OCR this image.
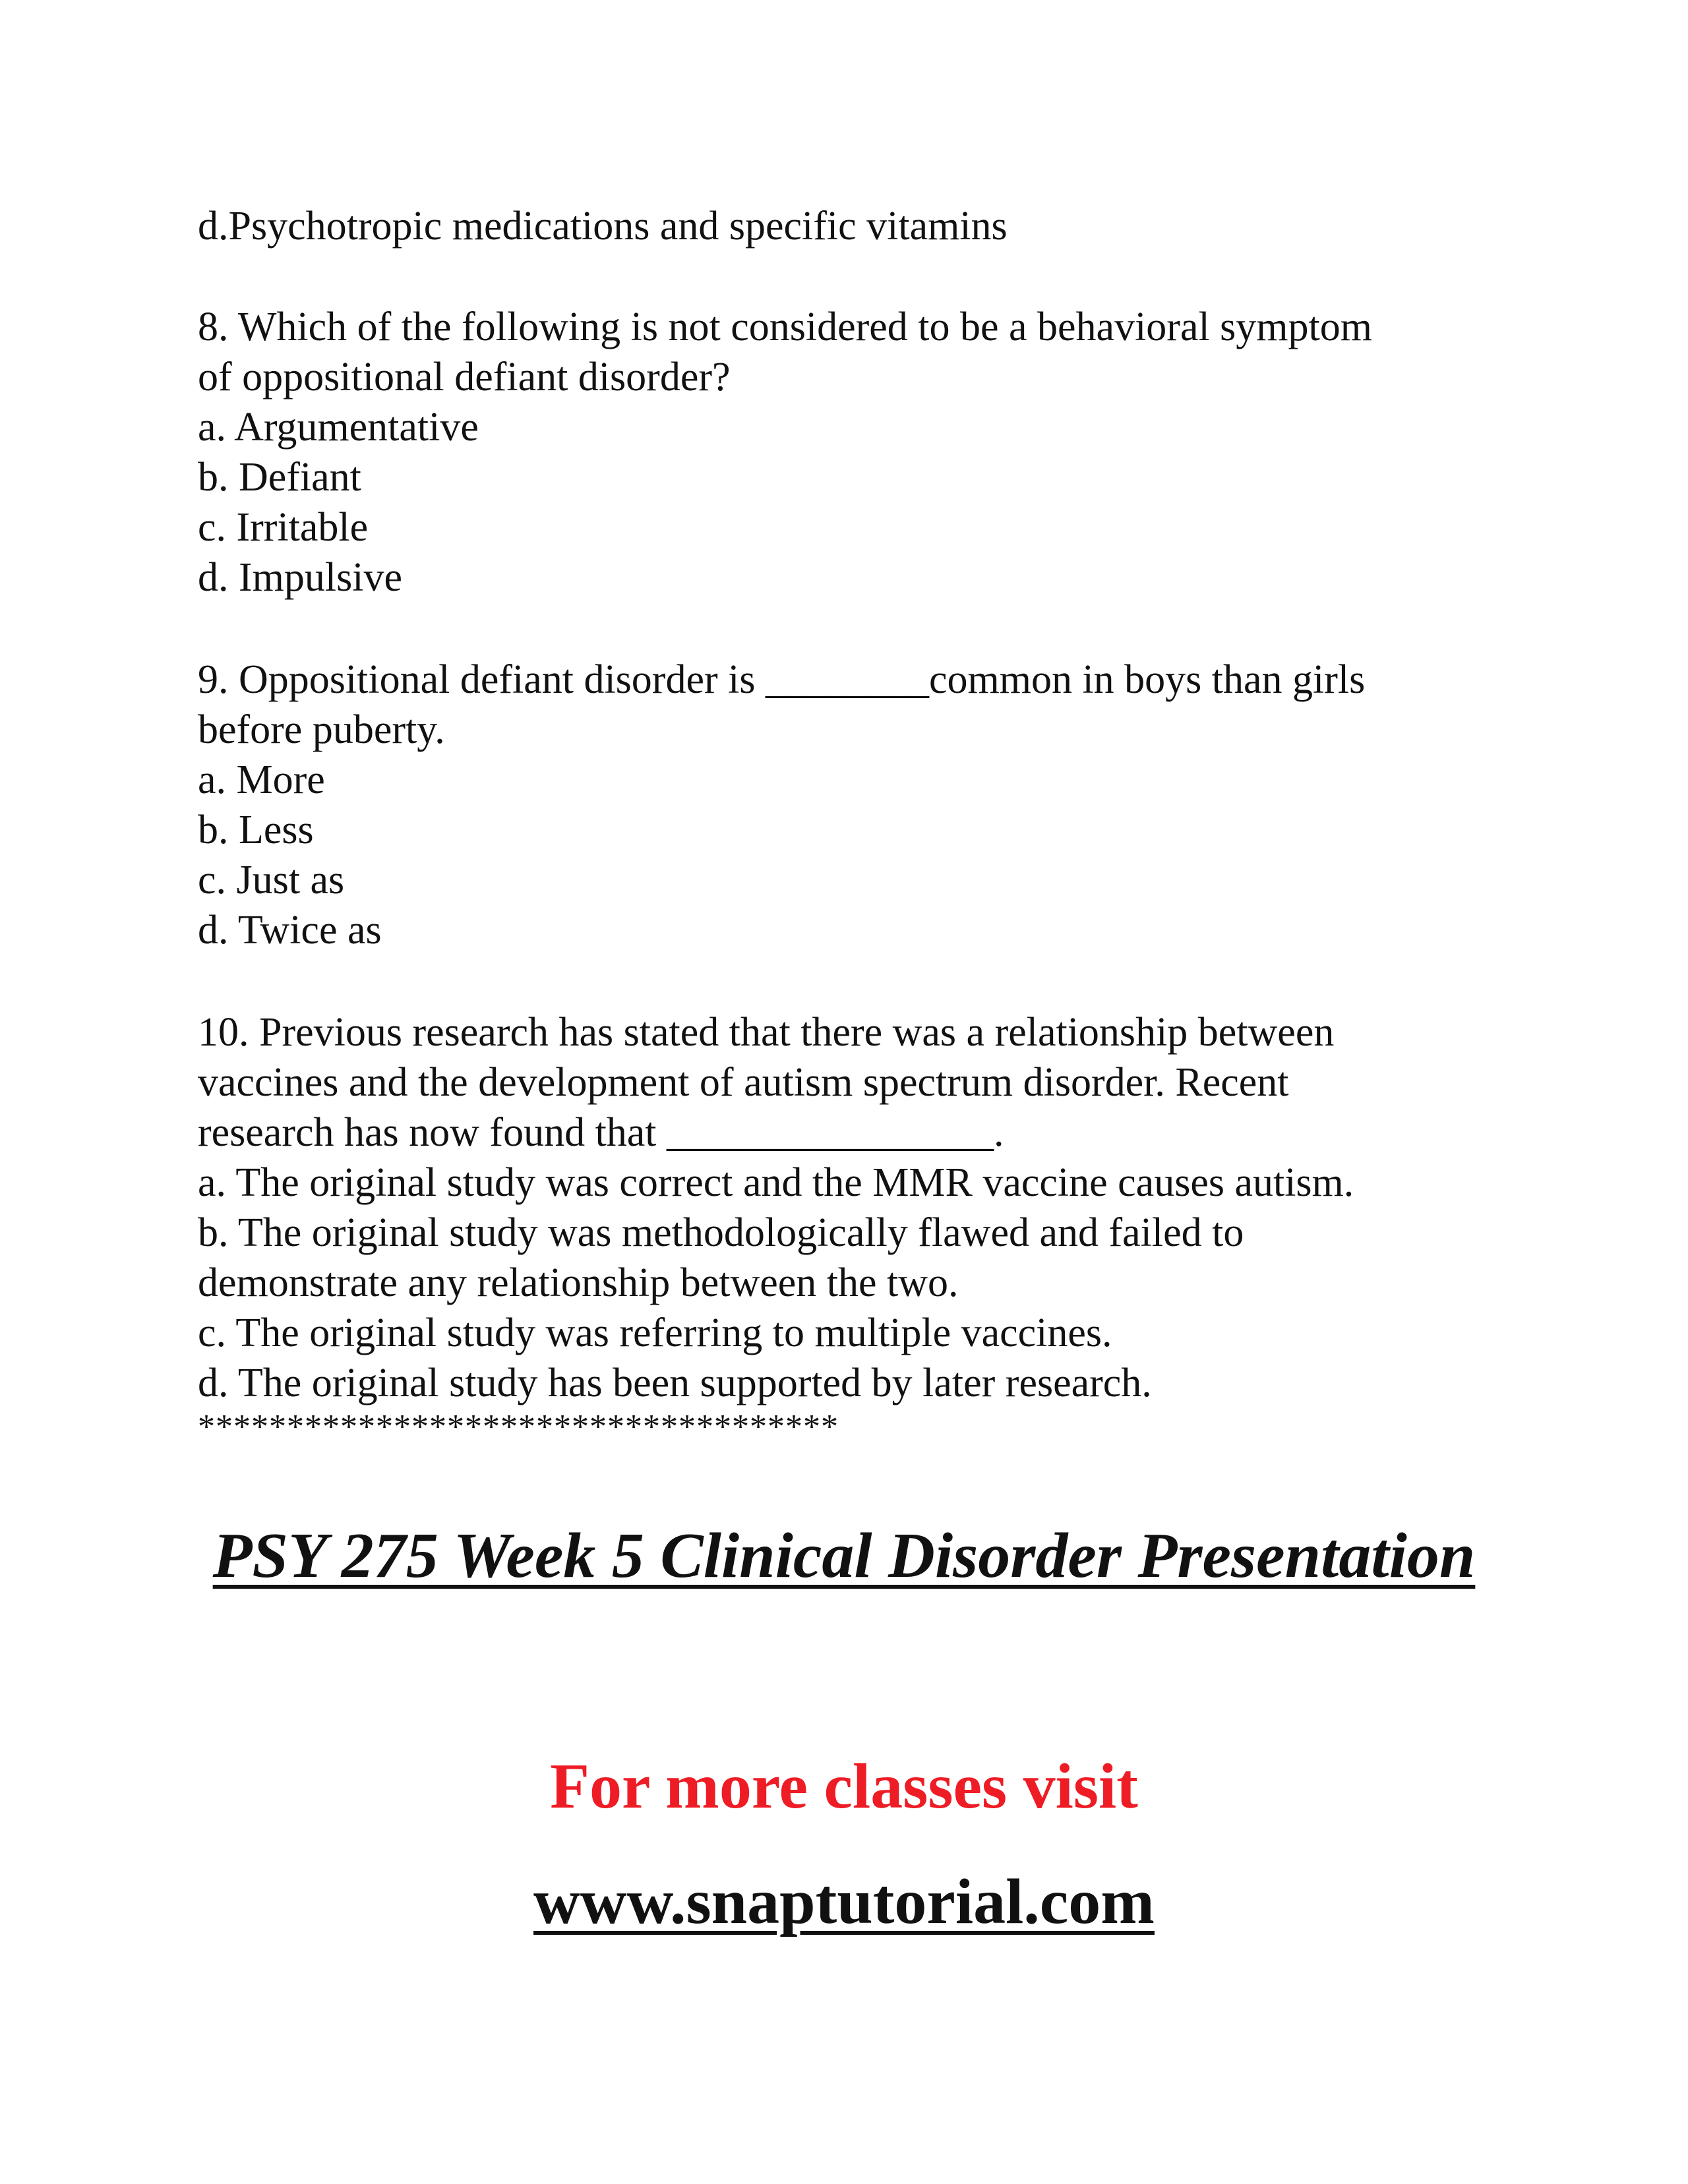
d.Psychotropic medications and specific vitamins
8. Which of the following is not considered to be a behavioral symptom
of oppositional defiant disorder?
a. Argumentative
b. Defiant
c. Irritable
d. Impulsive
9. Oppositional defiant disorder is ________common in boys than girls
before puberty.
a. More
b. Less
c. Just as
d. Twice as
10. Previous research has stated that there was a relationship between
vaccines and the development of autism spectrum disorder. Recent
research has now found that ________________.
a. The original study was correct and the MMR vaccine causes autism.
b. The original study was methodologically flawed and failed to
demonstrate any relationship between the two.
c. The original study was referring to multiple vaccines.
d. The original study has been supported by later research.
************************************
PSY 275 Week 5 Clinical Disorder Presentation
For more classes visit
www.snaptutorial.com
